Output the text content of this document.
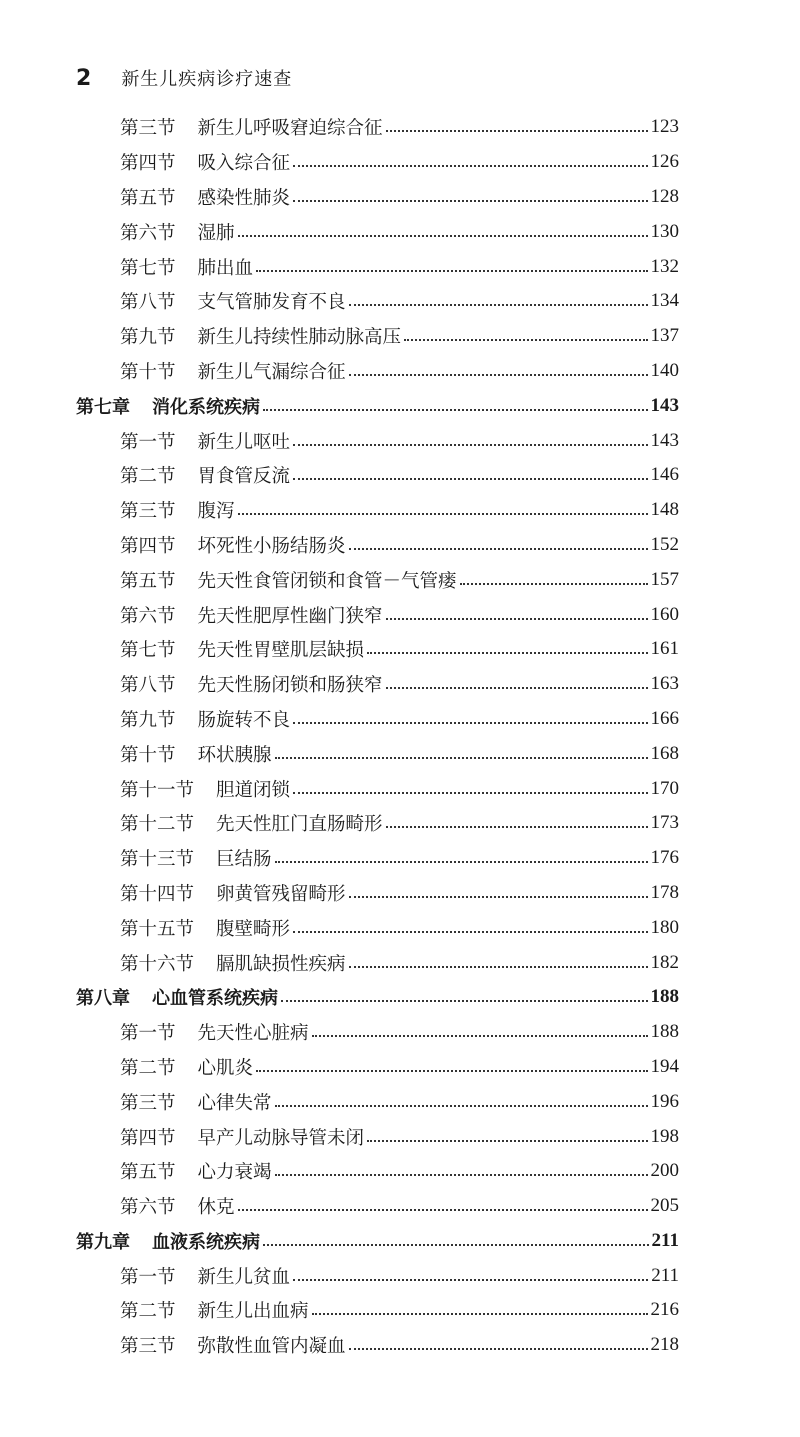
2 新生儿疾病诊疗速查
第三节 新生儿呼吸窘迫综合征	123
第四节 吸入综合征	126
第五节 感染性肺炎	128
第六节 湿肺	130
第七节 肺出血	132
第八节 支气管肺发育不良	134
第九节 新生儿持续性肺动脉高压	137
第十节 新生儿气漏综合征	140
第七章 消化系统疾病	143
第一节 新生儿呕吐	143
第二节 胃食管反流	146
第三节 腹泻	148
第四节 坏死性小肠结肠炎	152
第五节 先天性食管闭锁和食管－气管瘘	157
第六节 先天性肥厚性幽门狭窄	160
第七节 先天性胃壁肌层缺损	161
第八节 先天性肠闭锁和肠狭窄	163
第九节 肠旋转不良	166
第十节 环状胰腺	168
第十一节 胆道闭锁	170
第十二节 先天性肛门直肠畸形	173
第十三节 巨结肠	176
第十四节 卵黄管残留畸形	178
第十五节 腹壁畸形	180
第十六节 膈肌缺损性疾病	182
第八章 心血管系统疾病	188
第一节 先天性心脏病	188
第二节 心肌炎	194
第三节 心律失常	196
第四节 早产儿动脉导管未闭	198
第五节 心力衰竭	200
第六节 休克	205
第九章 血液系统疾病	211
第一节 新生儿贫血	211
第二节 新生儿出血病	216
第三节 弥散性血管内凝血	218
